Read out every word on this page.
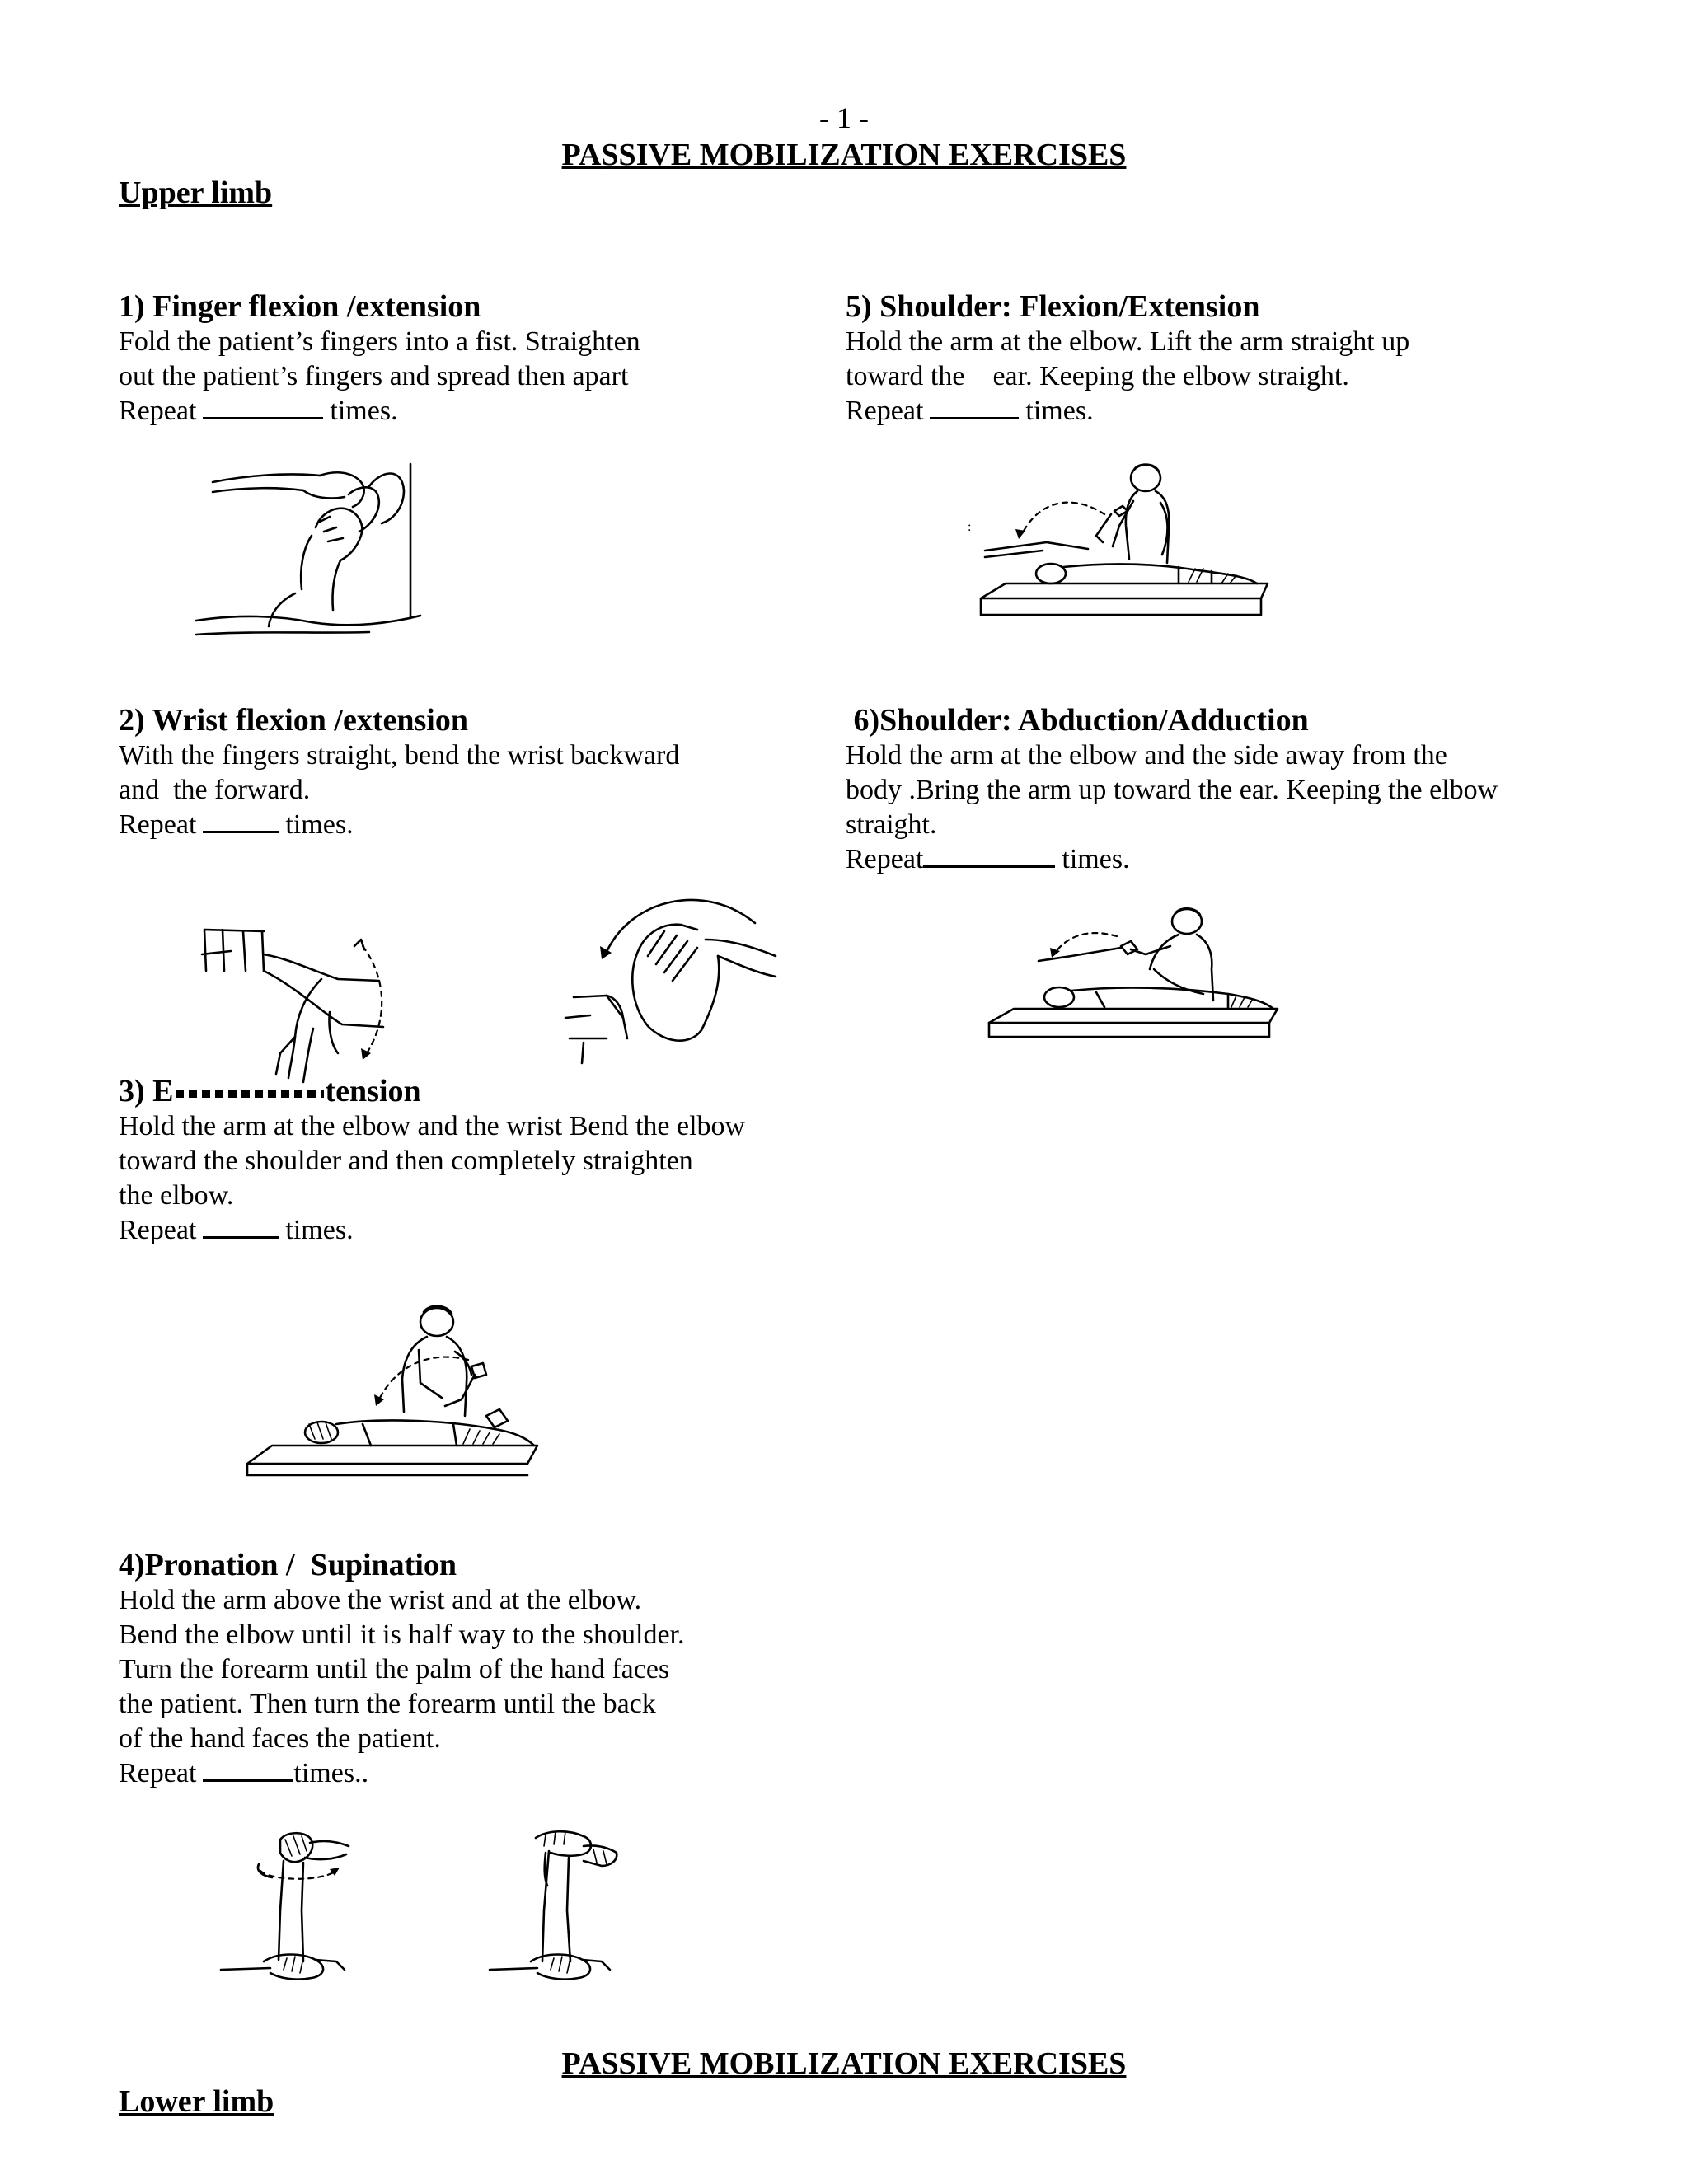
- 1 -
PASSIVE MOBILIZATION EXERCISES
Upper limb
1) Finger flexion /extension
Fold the patient’s fingers into a fist. Straighten
out the patient’s fingers and spread then apart
Repeat	times.
5) Shoulder: Flexion/Extension
Hold the arm at the elbow. Lift the arm straight up
toward the    ear. Keeping the elbow straight.
Repeat	times.
:
2) Wrist flexion /extension
With the fingers straight, bend the wrist backward
and  the forward.
Repeat	times.
6)Shoulder: Abduction/Adduction
Hold the arm at the elbow and the side away from the
body .Bring the arm up toward the ear. Keeping the elbow
straight.
Repeat	times.
3) E	tension
Hold the arm at the elbow and the wrist Bend the elbow
toward the shoulder and then completely straighten
the elbow.
Repeat	times.
4)Pronation /  Supination
Hold the arm above the wrist and at the elbow.
Bend the elbow until it is half way to the shoulder.
Turn the forearm until the palm of the hand faces
the patient. Then turn the forearm until the back
of the hand faces the patient.
Repeat	times..
PASSIVE MOBILIZATION EXERCISES
Lower limb
